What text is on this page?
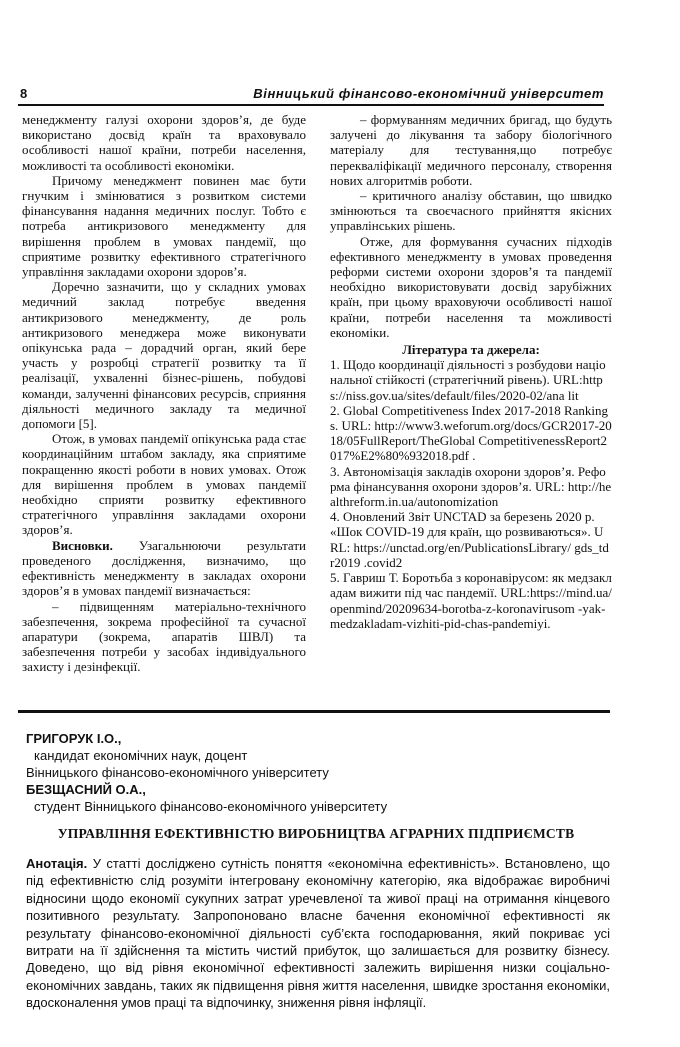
8	Вінницький фінансово-економічний університет

менеджменту галузі охорони здоров’я, де буде використано досвід країн та враховувало особливості нашої країни, потреби населення, можливості та особливості економіки.

Причому менеджмент повинен має бути гнучким і змінюватися з розвитком системи фінансування надання медичних послуг. Тобто є потреба антикризового менеджменту для вирішення проблем в умовах пандемії, що сприятиме розвитку ефективного стратегічного управління закладами охорони здоров’я.

Доречно зазначити, що у складних умовах медичний заклад потребує введення антикризового менеджменту, де роль антикризового менеджера може виконувати опікунська рада – дорадчий орган, який бере участь у розробці стратегії розвитку та її реалізації, ухваленні бізнес-рішень, побудові команди, залученні фінансових ресурсів, сприяння діяльності медичного закладу та медичної допомоги [5].

Отож, в умовах пандемії опікунська рада стає координаційним штабом закладу, яка сприятиме покращенню якості роботи в нових умовах. Отож для вирішення проблем в умовах пандемії необхідно сприяти розвитку ефективного стратегічного управління закладами охорони здоров’я.

Висновки. Узагальнюючи результати проведеного дослідження, визначимо, що ефективність менеджменту в закладах охорони здоров’я в умовах пандемії визначається:

– підвищенням матеріально-технічного забезпечення, зокрема професійної та сучасної апаратури (зокрема, апаратів ШВЛ) та забезпечення потреби у засобах індивідуального захисту і дезінфекції.

– формуванням медичних бригад, що будуть залучені до лікування та забору біологічного матеріалу для тестування,що потребує перекваліфікації медичного персоналу, створення нових алгоритмів роботи.

– критичного аналізу обставин, що швидко змінюються та своєчасного прийняття якісних управлінських рішень.

Отже, для формування сучасних підходів ефективного менеджменту в умовах проведення реформи системи охорони здоров’я та пандемії необхідно використовувати досвід зарубіжних країн, при цьому враховуючи особливості нашої країни, потреби населення та можливості економіки.

Література та джерела:

1. Щодо координації діяльності з розбудови національної стійкості (стратегічний рівень). URL:https://niss.gov.ua/sites/default/files/2020-02/ana lit

2. Global Competitiveness Index 2017-2018 Rankings. URL: http://www3.weforum.org/docs/GCR2017-2018/05FullReport/TheGlobal CompetitivenessReport2017%E2%80%932018.pdf .

3. Автономізація закладів охорони здоров’я. Реформа фінансування охорони здоров’я. URL: http://healthreform.in.ua/autonomization

4. Оновлений Звіт UNCTAD за березень 2020 р. «Шок COVID-19 для країн, що розвиваються». URL: https://unctad.org/en/PublicationsLibrary/ gds_tdr2019 .covid2

5. Гавриш Т. Боротьба з коронавірусом: як медзакладам вижити під час пандемії. URL:https://mind.ua/openmind/20209634-borotba-z-koronavirusom -yak-medzakladam-vizhiti-pid-chas-pandemiyi.

ГРИГОРУК І.О.,
кандидат економічних наук, доцент
Вінницького фінансово-економічного університету
БЕЗЩАСНИЙ О.А.,
студент Вінницького фінансово-економічного університету
УПРАВЛІННЯ ЕФЕКТИВНІСТЮ ВИРОБНИЦТВА АГРАРНИХ ПІДПРИЄМСТВ
Анотація. У статті досліджено сутність поняття «економічна ефективність». Встановлено, що під ефективністю слід розуміти інтегровану економічну категорію, яка відображає виробничі відносини щодо економії сукупних затрат уречевленої та живої праці на отримання кінцевого позитивного результату. Запропоновано власне бачення економічної ефективності як результату фінансово-економічної діяльності суб’єкта господарювання, який покриває усі витрати на її здійснення та містить чистий прибуток, що залишається для розвитку бізнесу. Доведено, що від рівня економічної ефективності залежить вирішення низки соціально-економічних завдань, таких як підвищення рівня життя населення, швидке зростання економіки, вдосконалення умов праці та відпочинку, зниження рівня інфляції.
